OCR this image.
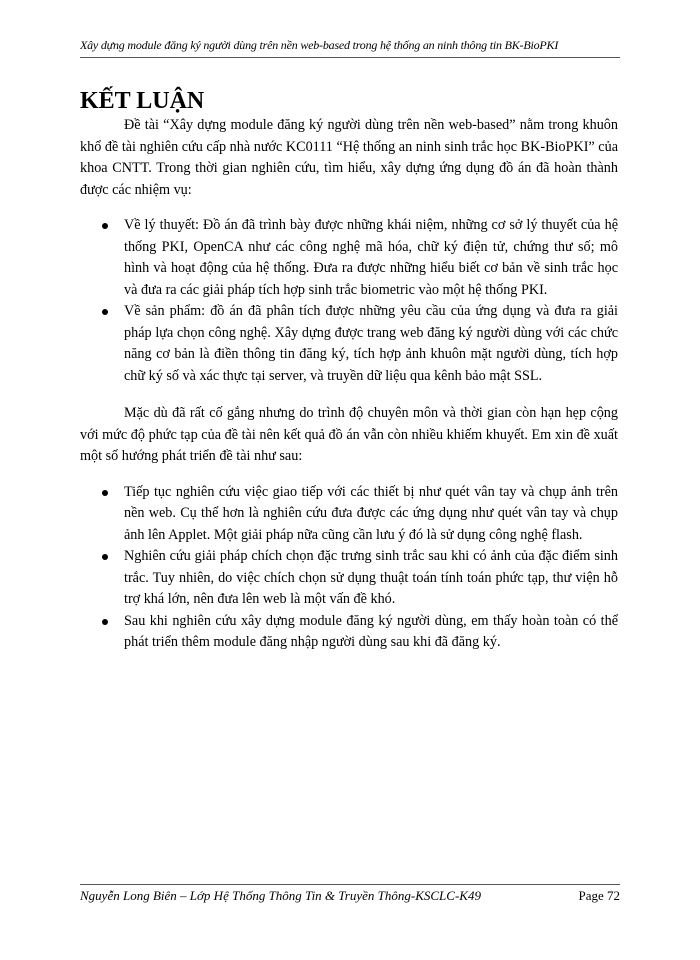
Xây dựng module đăng ký người dùng trên nền web-based trong hệ thống an ninh thông tin BK-BioPKI
KẾT LUẬN

Đề tài “Xây dựng module đăng ký người dùng trên nền web-based” nằm trong khuôn khổ đề tài nghiên cứu cấp nhà nước KC0111 “Hệ thống an ninh sinh trắc học BK-BioPKI” của khoa CNTT. Trong thời gian nghiên cứu, tìm hiểu, xây dựng ứng dụng đồ án đã hoàn thành được các nhiệm vụ:

Về lý thuyết: Đồ án đã trình bày được những khái niệm, những cơ sở lý thuyết của hệ thống PKI, OpenCA như các công nghệ mã hóa, chữ ký điện tử, chứng thư số; mô hình và hoạt động của hệ thống. Đưa ra được những hiểu biết cơ bản về sinh trắc học và đưa ra các giải pháp tích hợp sinh trắc biometric vào một hệ thống PKI.
Về sản phẩm: đồ án đã phân tích được những yêu cầu của ứng dụng và đưa ra giải pháp lựa chọn công nghệ. Xây dựng được trang web đăng ký người dùng với các chức năng cơ bản là điền thông tin đăng ký, tích hợp ảnh khuôn mặt người dùng, tích hợp chữ ký số và xác thực tại server, và truyền dữ liệu qua kênh bảo mật SSL.

Mặc dù đã rất cố gắng nhưng do trình độ chuyên môn và thời gian còn hạn hẹp cộng với mức độ phức tạp của đề tài nên kết quả đồ án vẫn còn nhiều khiếm khuyết. Em xin đề xuất một số hướng phát triển đề tài như sau:

Tiếp tục nghiên cứu việc giao tiếp với các thiết bị như quét vân tay và chụp ảnh trên nền web. Cụ thể hơn là nghiên cứu đưa được các ứng dụng như quét vân tay và chụp ảnh lên Applet. Một giải pháp nữa cũng cần lưu ý đó là sử dụng công nghệ flash.
Nghiên cứu giải pháp chích chọn đặc trưng sinh trắc sau khi có ảnh của đặc điểm sinh trắc. Tuy nhiên, do việc chích chọn sử dụng thuật toán tính toán phức tạp, thư viện hỗ trợ khá lớn, nên đưa lên web là một vấn đề khó.
Sau khi nghiên cứu xây dựng module đăng ký người dùng, em thấy hoàn toàn có thể phát triển thêm module đăng nhập người dùng sau khi đã đăng ký.
Nguyễn Long Biên – Lớp Hệ Thống Thông Tin & Truyền Thông-KSCLC-K49	Page 72
